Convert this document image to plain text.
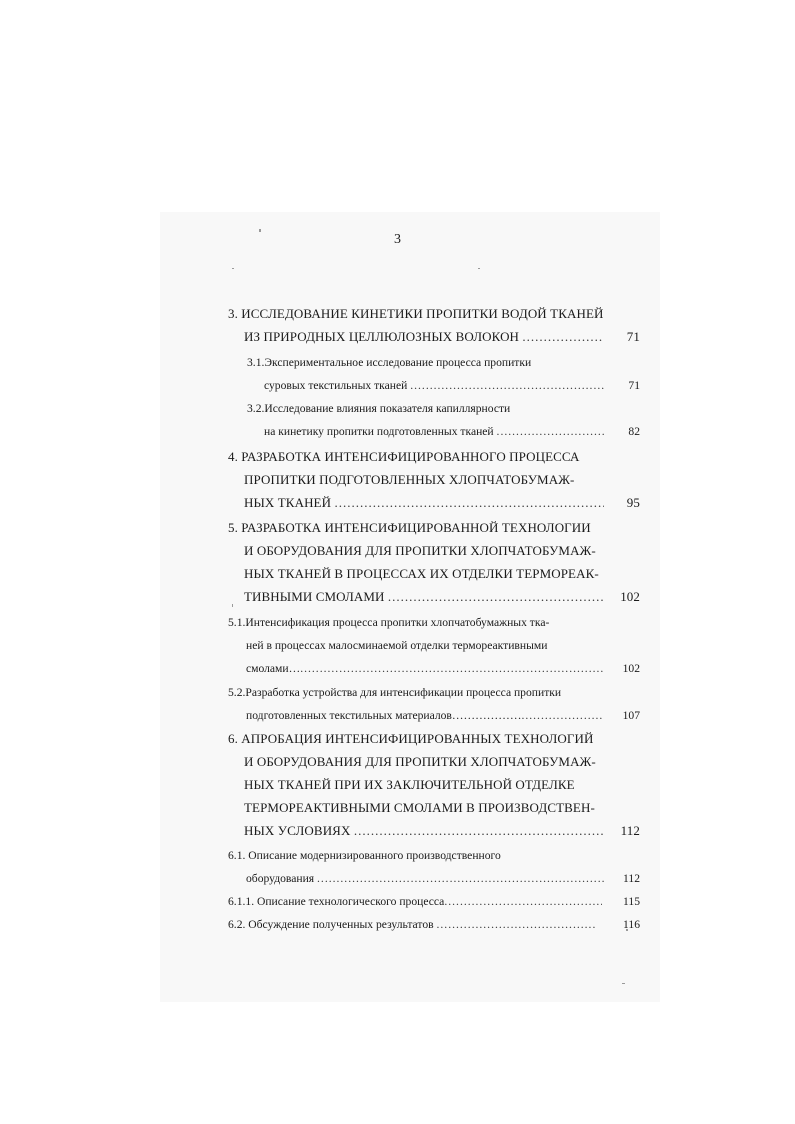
3
3. ИССЛЕДОВАНИЕ КИНЕТИКИ ПРОПИТКИ ВОДОЙ ТКАНЕЙ
ИЗ ПРИРОДНЫХ ЦЕЛЛЮЛОЗНЫХ ВОЛОКОН .....	71
3.1.Экспериментальное исследование процесса пропитки
суровых текстильных тканей .....	71
3.2.Исследование влияния показателя капиллярности
на кинетику пропитки подготовленных тканей .....	82
4. РАЗРАБОТКА ИНТЕНСИФИЦИРОВАННОГО ПРОЦЕССА
ПРОПИТКИ ПОДГОТОВЛЕННЫХ ХЛОПЧАТОБУМАЖ-
НЫХ ТКАНЕЙ .....	95
5. РАЗРАБОТКА ИНТЕНСИФИЦИРОВАННОЙ ТЕХНОЛОГИИ
И ОБОРУДОВАНИЯ ДЛЯ ПРОПИТКИ ХЛОПЧАТОБУМАЖ-
НЫХ ТКАНЕЙ В ПРОЦЕССАХ ИХ ОТДЕЛКИ ТЕРМОРЕАК-
ТИВНЫМИ СМОЛАМИ .....	102
5.1.Интенсификация процесса пропитки хлопчатобумажных тка-
ней в процессах малосминаемой отделки термореактивными
смолами… .....	102
5.2.Разработка устройства для интенсификации процесса пропитки
подготовленных текстильных материалов……………… .....	107
6. АПРОБАЦИЯ ИНТЕНСИФИЦИРОВАННЫХ ТЕХНОЛОГИЙ
И ОБОРУДОВАНИЯ ДЛЯ ПРОПИТКИ ХЛОПЧАТОБУМАЖ-
НЫХ ТКАНЕЙ ПРИ ИХ ЗАКЛЮЧИТЕЛЬНОЙ ОТДЕЛКЕ
ТЕРМОРЕАКТИВНЫМИ СМОЛАМИ В ПРОИЗВОДСТВЕН-
НЫХ УСЛОВИЯХ .....	112
6.1. Описание модернизированного производственного
оборудования .....	112
6.1.1. Описание технологического процесса .....	115
6.2. Обсуждение полученных результатов .....	116
